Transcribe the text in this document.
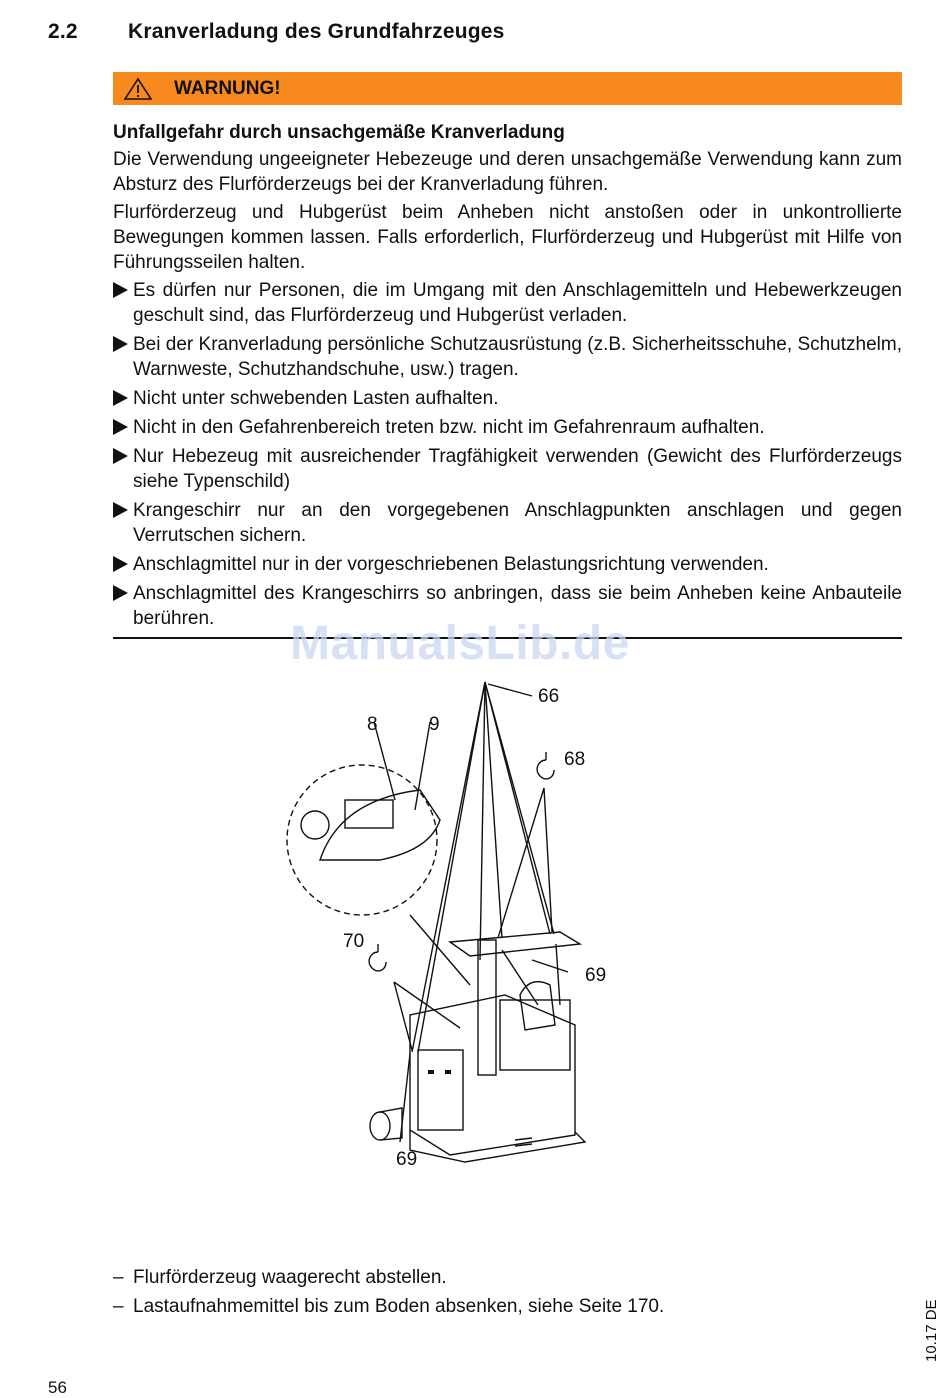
2.2 Kranverladung des Grundfahrzeuges
WARNUNG!

Unfallgefahr durch unsachgemäße Kranverladung

Die Verwendung ungeeigneter Hebezeuge und deren unsachgemäße Verwendung kann zum Absturz des Flurförderzeugs bei der Kranverladung führen.

Flurförderzeug und Hubgerüst beim Anheben nicht anstoßen oder in unkontrollierte Bewegungen kommen lassen. Falls erforderlich, Flurförderzeug und Hubgerüst mit Hilfe von Führungsseilen halten.

Es dürfen nur Personen, die im Umgang mit den Anschlagemitteln und Hebewerkzeugen geschult sind, das Flurförderzeug und Hubgerüst verladen.
Bei der Kranverladung persönliche Schutzausrüstung (z.B. Sicherheitsschuhe, Schutzhelm, Warnweste, Schutzhandschuhe, usw.) tragen.
Nicht unter schwebenden Lasten aufhalten.
Nicht in den Gefahrenbereich treten bzw. nicht im Gefahrenraum aufhalten.
Nur Hebezeug mit ausreichender Tragfähigkeit verwenden (Gewicht des Flurförderzeugs siehe Typenschild)
Krangeschirr nur an den vorgegebenen Anschlagpunkten anschlagen und gegen Verrutschen sichern.
Anschlagmittel nur in der vorgeschriebenen Belastungsrichtung verwenden.
Anschlagmittel des Krangeschirrs so anbringen, dass sie beim Anheben keine Anbauteile berühren.	ManualsLib.de
66
8	9
68
70
69
69
– Flurförderzeug waagerecht abstellen.
– Lastaufnahmemittel bis zum Boden absenken, siehe Seite 170.	10.17 DE
56
